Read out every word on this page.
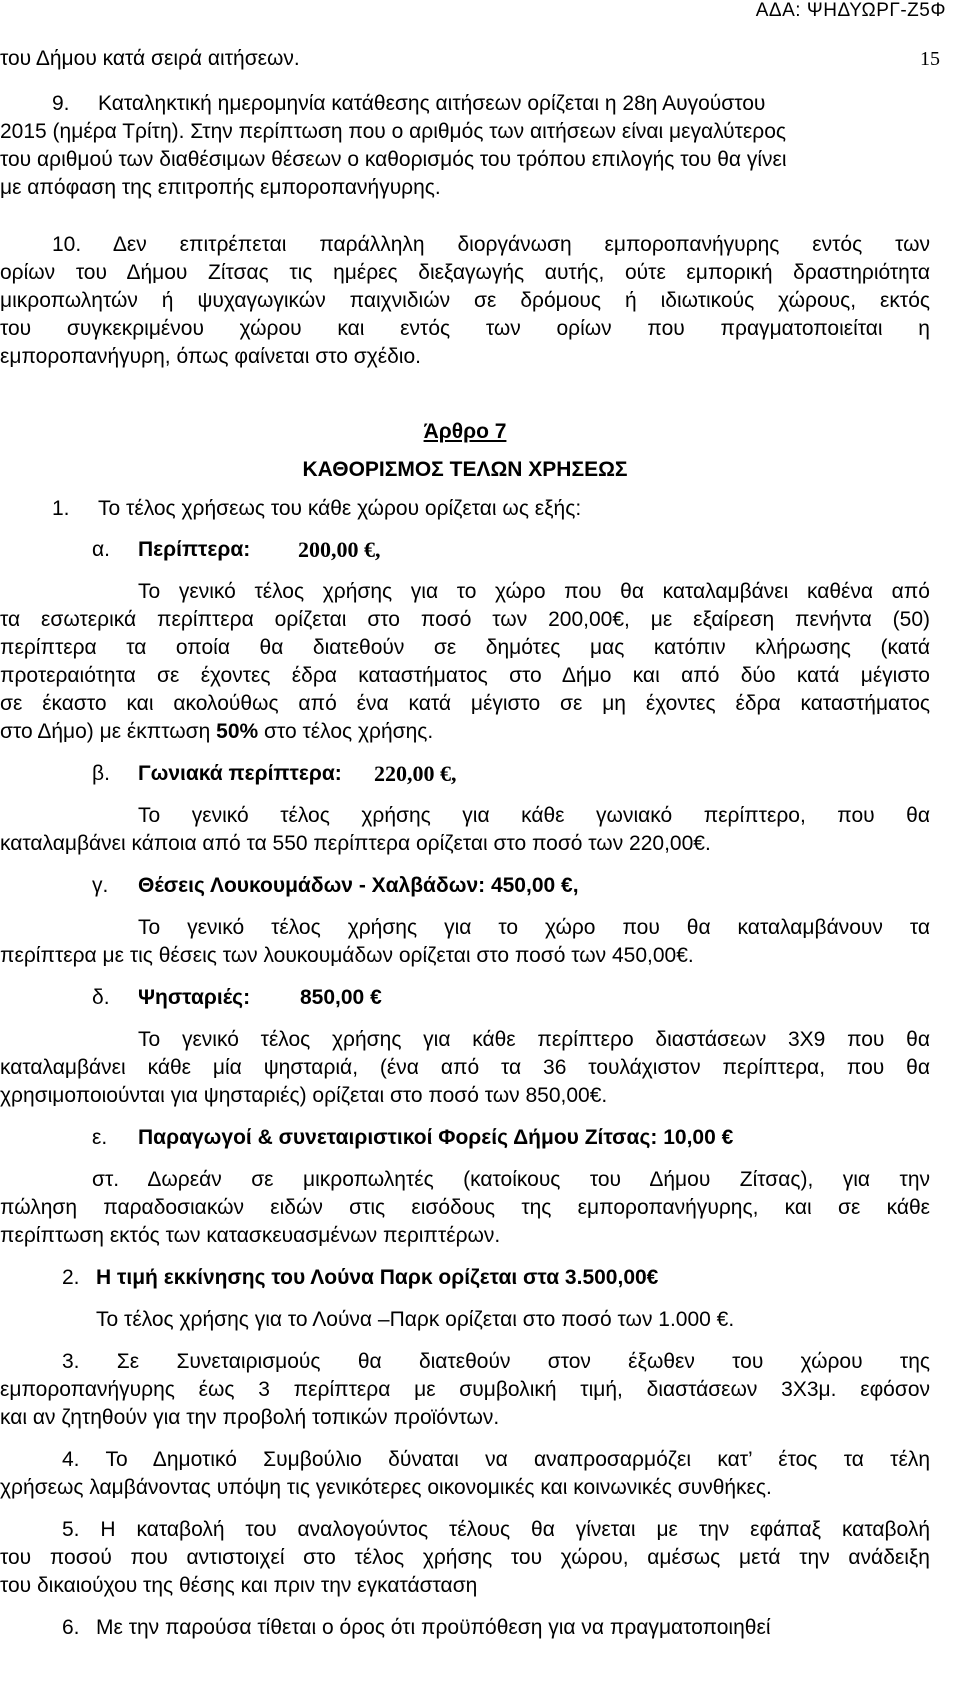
ΑΔΑ: ΨΗΔΥΩΡΓ-Ζ5Φ
15
του Δήμου κατά σειρά αιτήσεων.
9. Καταληκτική ημερομηνία κατάθεσης αιτήσεων ορίζεται η 28η Αυγούστου
2015 (ημέρα Τρίτη). Στην περίπτωση που ο αριθμός των αιτήσεων είναι μεγαλύτερος
του αριθμού των διαθέσιμων θέσεων ο καθορισμός του τρόπου επιλογής του θα γίνει
με απόφαση της επιτροπής εμποροπανήγυρης.
10. Δεν επιτρέπεται παράλληλη διοργάνωση εμποροπανήγυρης εντός των
ορίων του Δήμου Ζίτσας τις ημέρες διεξαγωγής αυτής, ούτε εμπορική δραστηριότητα
μικροπωλητών ή ψυχαγωγικών παιχνιδιών σε δρόμους ή ιδιωτικούς χώρους, εκτός
του συγκεκριμένου χώρου και εντός των ορίων που πραγματοποιείται η
εμποροπανήγυρη, όπως φαίνεται στο σχέδιο.
Άρθρο 7
ΚΑΘΟΡΙΣΜΟΣ ΤΕΛΩΝ ΧΡΗΣΕΩΣ
1. Το τέλος χρήσεως του κάθε χώρου ορίζεται ως εξής:
α. Περίπτερα: 200,00 €,
Το γενικό τέλος χρήσης για το χώρο που θα καταλαμβάνει καθένα από
τα εσωτερικά περίπτερα ορίζεται στο ποσό των 200,00€, με εξαίρεση πενήντα (50)
περίπτερα τα οποία θα διατεθούν σε δημότες μας κατόπιν κλήρωσης (κατά
προτεραιότητα σε έχοντες έδρα καταστήματος στο Δήμο και από δύο κατά μέγιστο
σε έκαστο και ακολούθως από ένα κατά μέγιστο σε μη έχοντες έδρα καταστήματος
στο Δήμο) με έκπτωση 50% στο τέλος χρήσης.
β. Γωνιακά περίπτερα: 220,00 €,
Το γενικό τέλος χρήσης για κάθε γωνιακό περίπτερο, που θα
καταλαμβάνει κάποια από τα 550 περίπτερα ορίζεται στο ποσό των 220,00€.
γ. Θέσεις Λουκουμάδων - Χαλβάδων: 450,00 €,
Το γενικό τέλος χρήσης για το χώρο που θα καταλαμβάνουν τα
περίπτερα με τις θέσεις των λουκουμάδων ορίζεται στο ποσό των 450,00€.
δ. Ψησταριές: 850,00 €
Το γενικό τέλος χρήσης για κάθε περίπτερο διαστάσεων 3Χ9 που θα
καταλαμβάνει κάθε μία ψησταριά, (ένα από τα 36 τουλάχιστον περίπτερα, που θα
χρησιμοποιούνται για ψησταριές) ορίζεται στο ποσό των 850,00€.
ε. Παραγωγοί & συνεταιριστικοί Φορείς Δήμου Ζίτσας: 10,00 €
στ. Δωρεάν σε μικροπωλητές (κατοίκους του Δήμου Ζίτσας), για την
πώληση παραδοσιακών ειδών στις εισόδους της εμποροπανήγυρης, και σε κάθε
περίπτωση εκτός των κατασκευασμένων περιπτέρων.
2. Η τιμή εκκίνησης του Λούνα Παρκ ορίζεται στα 3.500,00€
Το τέλος χρήσης για το Λούνα –Παρκ ορίζεται στο ποσό των 1.000 €.
3. Σε Συνεταιρισμούς θα διατεθούν στον έξωθεν του χώρου της
εμποροπανήγυρης έως 3 περίπτερα με συμβολική τιμή, διαστάσεων 3Χ3μ. εφόσον
και αν ζητηθούν για την προβολή τοπικών προϊόντων.
4. Το Δημοτικό Συμβούλιο δύναται να αναπροσαρμόζει κατ’ έτος τα τέλη
χρήσεως λαμβάνοντας υπόψη τις γενικότερες οικονομικές και κοινωνικές συνθήκες.
5. Η καταβολή του αναλογούντος τέλους θα γίνεται με την εφάπαξ καταβολή
του ποσού που αντιστοιχεί στο τέλος χρήσης του χώρου, αμέσως μετά την ανάδειξη
του δικαιούχου της θέσης και πριν την εγκατάσταση
6. Με την παρούσα τίθεται ο όρος ότι προϋπόθεση για να πραγματοποιηθεί
